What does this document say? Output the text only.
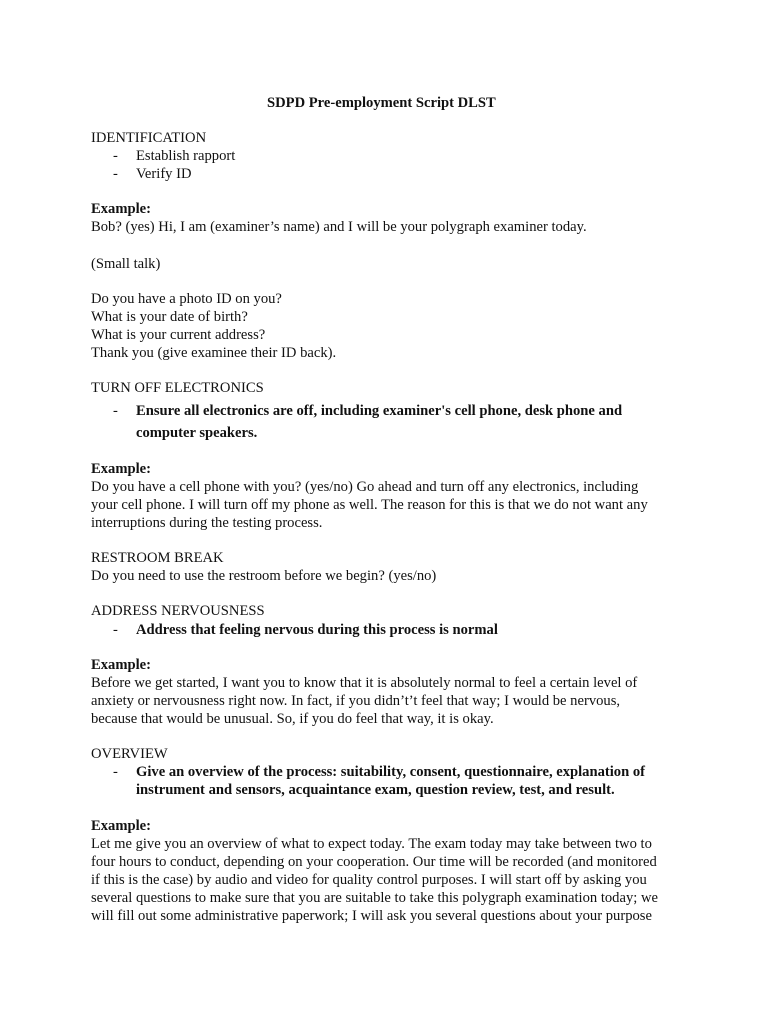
SDPD Pre-employment Script DLST
IDENTIFICATION
- Establish rapport
- Verify ID
Example:
Bob? (yes) Hi, I am (examiner’s name) and I will be your polygraph examiner today.
(Small talk)
Do you have a photo ID on you?
What is your date of birth?
What is your current address?
Thank you (give examinee their ID back).
TURN OFF ELECTRONICS
- Ensure all electronics are off, including examiner's cell phone, desk phone and
computer speakers.
Example:
Do you have a cell phone with you? (yes/no) Go ahead and turn off any electronics, including
your cell phone. I will turn off my phone as well. The reason for this is that we do not want any
interruptions during the testing process.
RESTROOM BREAK
Do you need to use the restroom before we begin? (yes/no)
ADDRESS NERVOUSNESS
- Address that feeling nervous during this process is normal
Example:
Before we get started, I want you to know that it is absolutely normal to feel a certain level of
anxiety or nervousness right now. In fact, if you didn’t’t feel that way; I would be nervous,
because that would be unusual. So, if you do feel that way, it is okay.
OVERVIEW
- Give an overview of the process: suitability, consent, questionnaire, explanation of
instrument and sensors, acquaintance exam, question review, test, and result.
Example:
Let me give you an overview of what to expect today. The exam today may take between two to
four hours to conduct, depending on your cooperation. Our time will be recorded (and monitored
if this is the case) by audio and video for quality control purposes. I will start off by asking you
several questions to make sure that you are suitable to take this polygraph examination today; we
will fill out some administrative paperwork; I will ask you several questions about your purpose
